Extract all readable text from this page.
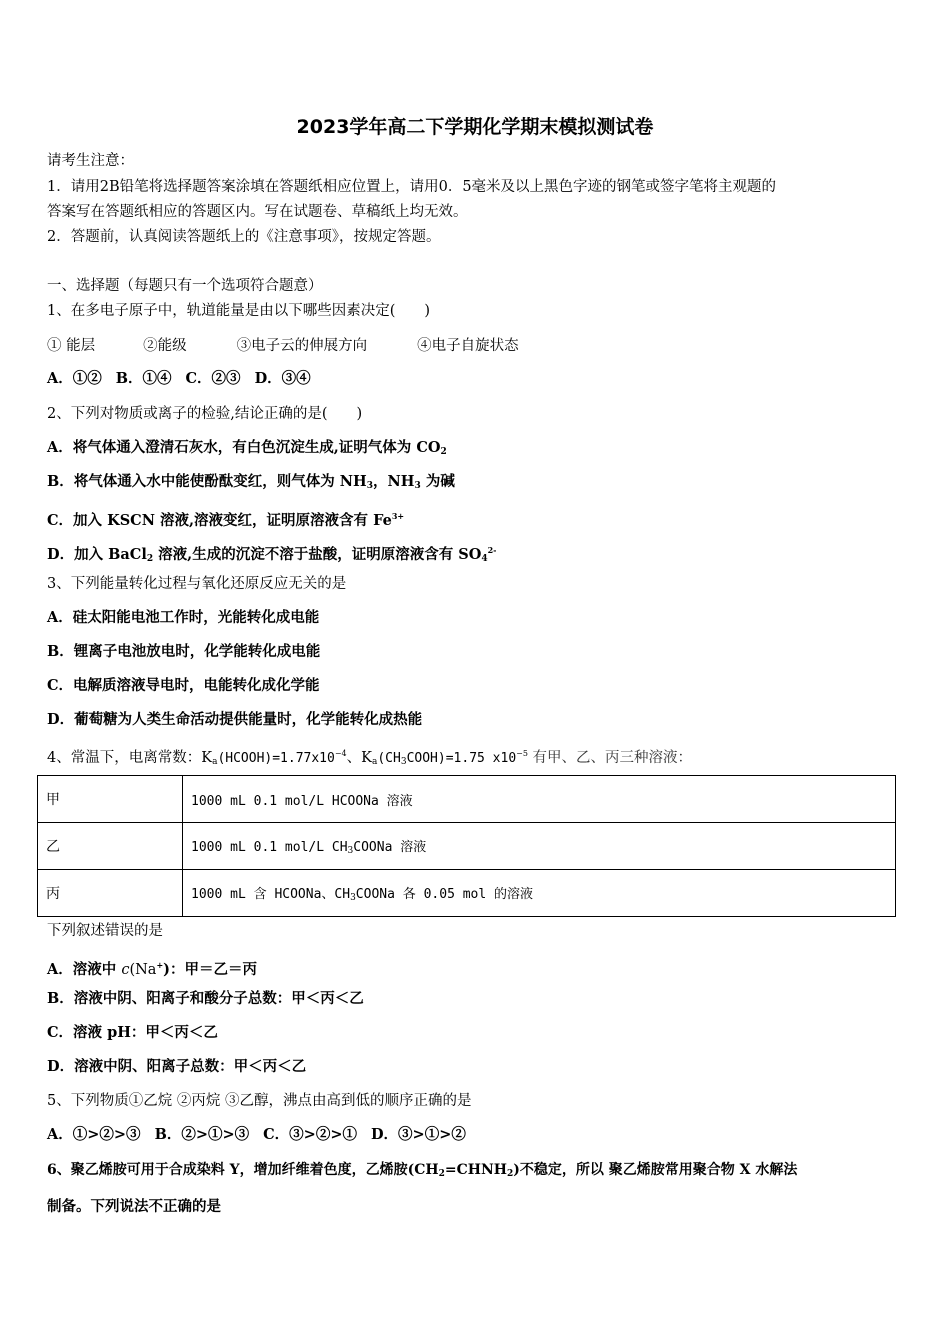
2023学年高二下学期化学期末模拟测试卷
请考生注意：
1．请用2B铅笔将选择题答案涂填在答题纸相应位置上，请用0．5毫米及以上黑色字迹的钢笔或签字笔将主观题的
答案写在答题纸相应的答题区内。写在试题卷、草稿纸上均无效。
2．答题前，认真阅读答题纸上的《注意事项》，按规定答题。
一、选择题（每题只有一个选项符合题意）
1、在多电子原子中，轨道能量是由以下哪些因素决定(　　)
① 能层	②能级	③电子云的伸展方向	④电子自旋状态
A．①② B．①④ C．②③ D．③④
2、下列对物质或离子的检验,结论正确的是(　　)
A．将气体通入澄清石灰水，有白色沉淀生成,证明气体为 $CO_2$
B．将气体通入水中能使酚酞变红，则气体为 $NH_3$，$NH_3$ 为碱
C．加入 KSCN 溶液,溶液变红，证明原溶液含有 $Fe^{3+}$
D．加入 BaCl$_2$ 溶液,生成的沉淀不溶于盐酸，证明原溶液含有 $SO_4^{2-}$
3、下列能量转化过程与氧化还原反应无关的是
A．硅太阳能电池工作时，光能转化成电能
B．锂离子电池放电时，化学能转化成电能
C．电解质溶液导电时，电能转化成化学能
D．葡萄糖为人类生命活动提供能量时，化学能转化成热能
4、常温下，电离常数：$K_a(HCOOH)=1.77x10^{-4}$、$K_a(CH_3COOH)=1.75$ $x10^{-5}$ 有甲、乙、丙三种溶液：
甲	1000 mL 0.1 mol/L HCOONa 溶液
乙	1000 mL 0.1 mol/L $CH_3COONa$ 溶液
丙	1000 mL 含 HCOONa、$CH_3COONa$ 各 0.05 mol 的溶液
下列叙述错误的是
A．溶液中 c(Na+)：甲＝乙＝丙
B．溶液中阴、阳离子和酸分子总数：甲＜丙＜乙
C．溶液 pH：甲＜丙＜乙
D．溶液中阴、阳离子总数：甲＜丙＜乙
5、下列物质①乙烷 ②丙烷 ③乙醇，沸点由高到低的顺序正确的是
A．①>②>③ B．②>①>③ C．③>②>① D．③>①>②
6、聚乙烯胺可用于合成染料 Y，增加纤维着色度，乙烯胺$(CH_2=CHNH_2)$不稳定，所以 聚乙烯胺常用聚合物 X 水解法
制备。下列说法不正确的是
